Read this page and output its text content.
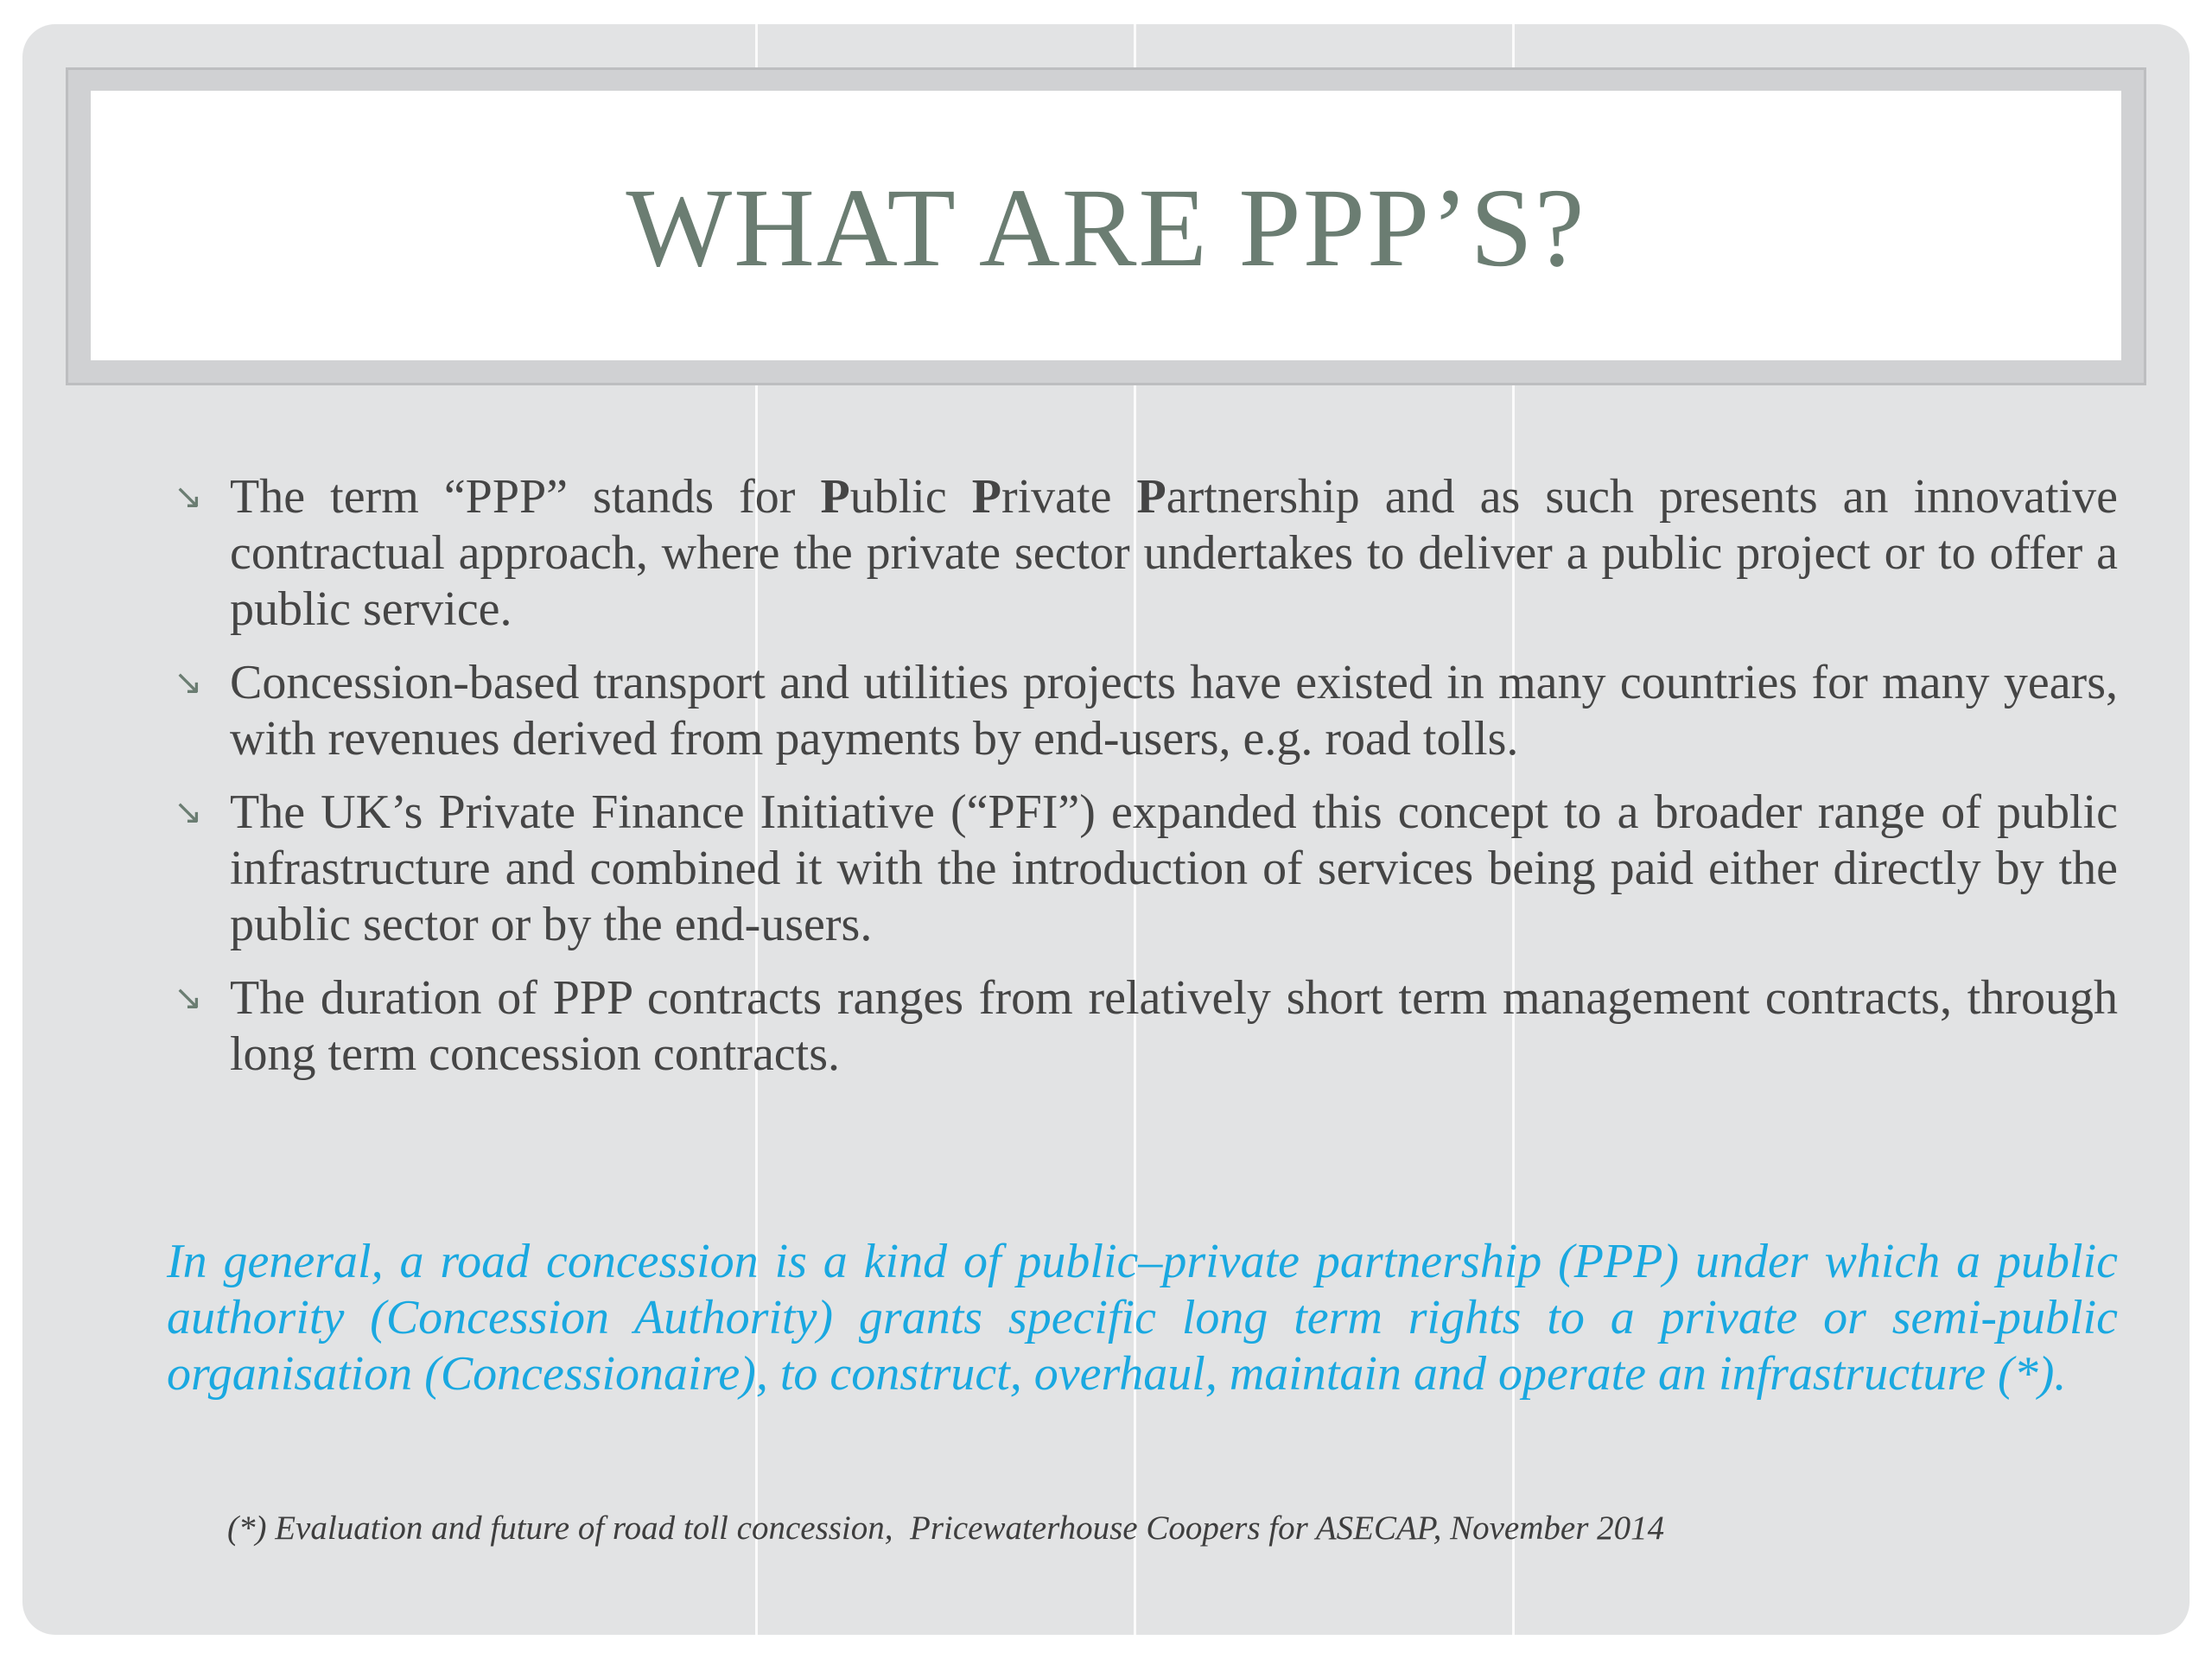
WHAT ARE PPP’S?
↘ The term “PPP” stands for Public Private Partnership and as such presents an innovative contractual approach, where the private sector undertakes to deliver a public project or to offer a public service.
↘ Concession-based transport and utilities projects have existed in many countries for many years, with revenues derived from payments by end-users, e.g. road tolls.
↘ The UK’s Private Finance Initiative (“PFI”) expanded this concept to a broader range of public infrastructure and combined it with the introduction of services being paid either directly by the public sector or by the end-users.
↘ The duration of PPP contracts ranges from relatively short term management contracts, through long term concession contracts.

In general, a road concession is a kind of public–private partnership (PPP) under which a public authority (Concession Authority) grants specific long term rights to a private or semi-public organisation (Concessionaire), to construct, overhaul, maintain and operate an infrastructure (*).

(*) Evaluation and future of road toll concession,  Pricewaterhouse Coopers for ASECAP, November 2014
